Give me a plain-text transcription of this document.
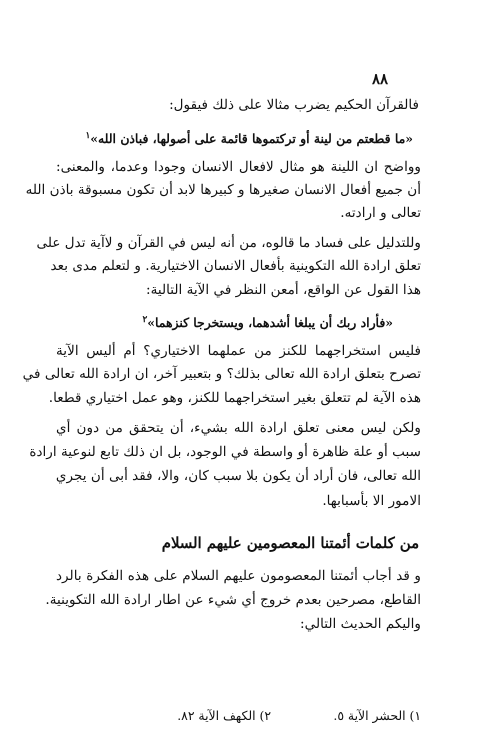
٨٨
فالقرآن الحكيم يضرب مثالا على ذلك فيقول:
«ما قطعتم من لينة أو تركتموها قائمة على أصولها، فباذن الله»$^١$
وواضح ان اللينة هو مثال لافعال الانسان وجودا وعدما، والمعنى:
أن جميع أفعال الانسان صغيرها و كبيرها لابد أن تكون مسبوقة باذن الله
تعالى و ارادته.
وللتدليل على فساد ما قالوه، من أنه ليس في القرآن و لاآية تدل على
تعلق ارادة الله التكوينية بأفعال الانسان الاختيارية. و لتعلم مدى بعد
هذا القول عن الواقع، أمعن النظر في الآية التالية:
«فأراد ربك أن يبلغا أشدهما، ويستخرجا كنزهما»$^٢$
فليس استخراجهما للكنز من عملهما الاختياري؟ أم أليس الآية
تصرح بتعلق ارادة الله تعالى بذلك؟ و بتعبير آخر، ان ارادة الله تعالى في
هذه الآية لم تتعلق بغير استخراجهما للكنز، وهو عمل اختياري قطعا.
ولكن ليس معنى تعلق ارادة الله بشيء، أن يتحقق من دون أي
سبب أو علة ظاهرة أو واسطة في الوجود، بل ان ذلك تابع لنوعية ارادة
الله تعالى، فان أراد أن يكون بلا سبب كان، والا، فقد أبى أن يجري
الامور الا بأسبابها.
من كلمات أئمتنا المعصومين عليهم السلام
و قد أجاب أئمتنا المعصومون عليهم السلام على هذه الفكرة بالرد
القاطع، مصرحين بعدم خروج أي شيء عن اطار ارادة الله التكوينية.
واليكم الحديث التالي:
١) الحشر الآية ٥.
٢) الكهف الآية ٨٢.
